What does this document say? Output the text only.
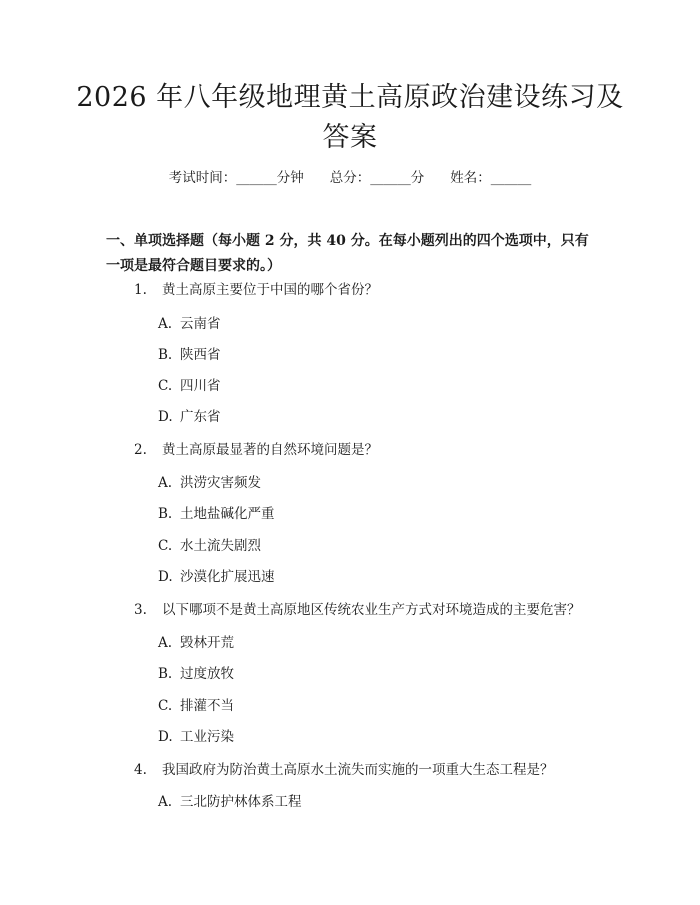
2026 年八年级地理黄土高原政治建设练习及
答案
考试时间：______分钟 总分：______分 姓名：______
一、单项选择题（每小题 2 分，共 40 分。在每小题列出的四个选项中，只有一项是最符合题目要求的。）
1. 黄土高原主要位于中国的哪个省份？
A. 云南省
B. 陕西省
C. 四川省
D. 广东省
2. 黄土高原最显著的自然环境问题是？
A. 洪涝灾害频发
B. 土地盐碱化严重
C. 水土流失剧烈
D. 沙漠化扩展迅速
3. 以下哪项不是黄土高原地区传统农业生产方式对环境造成的主要危害？
A. 毁林开荒
B. 过度放牧
C. 排灌不当
D. 工业污染
4. 我国政府为防治黄土高原水土流失而实施的一项重大生态工程是？
A. 三北防护林体系工程
